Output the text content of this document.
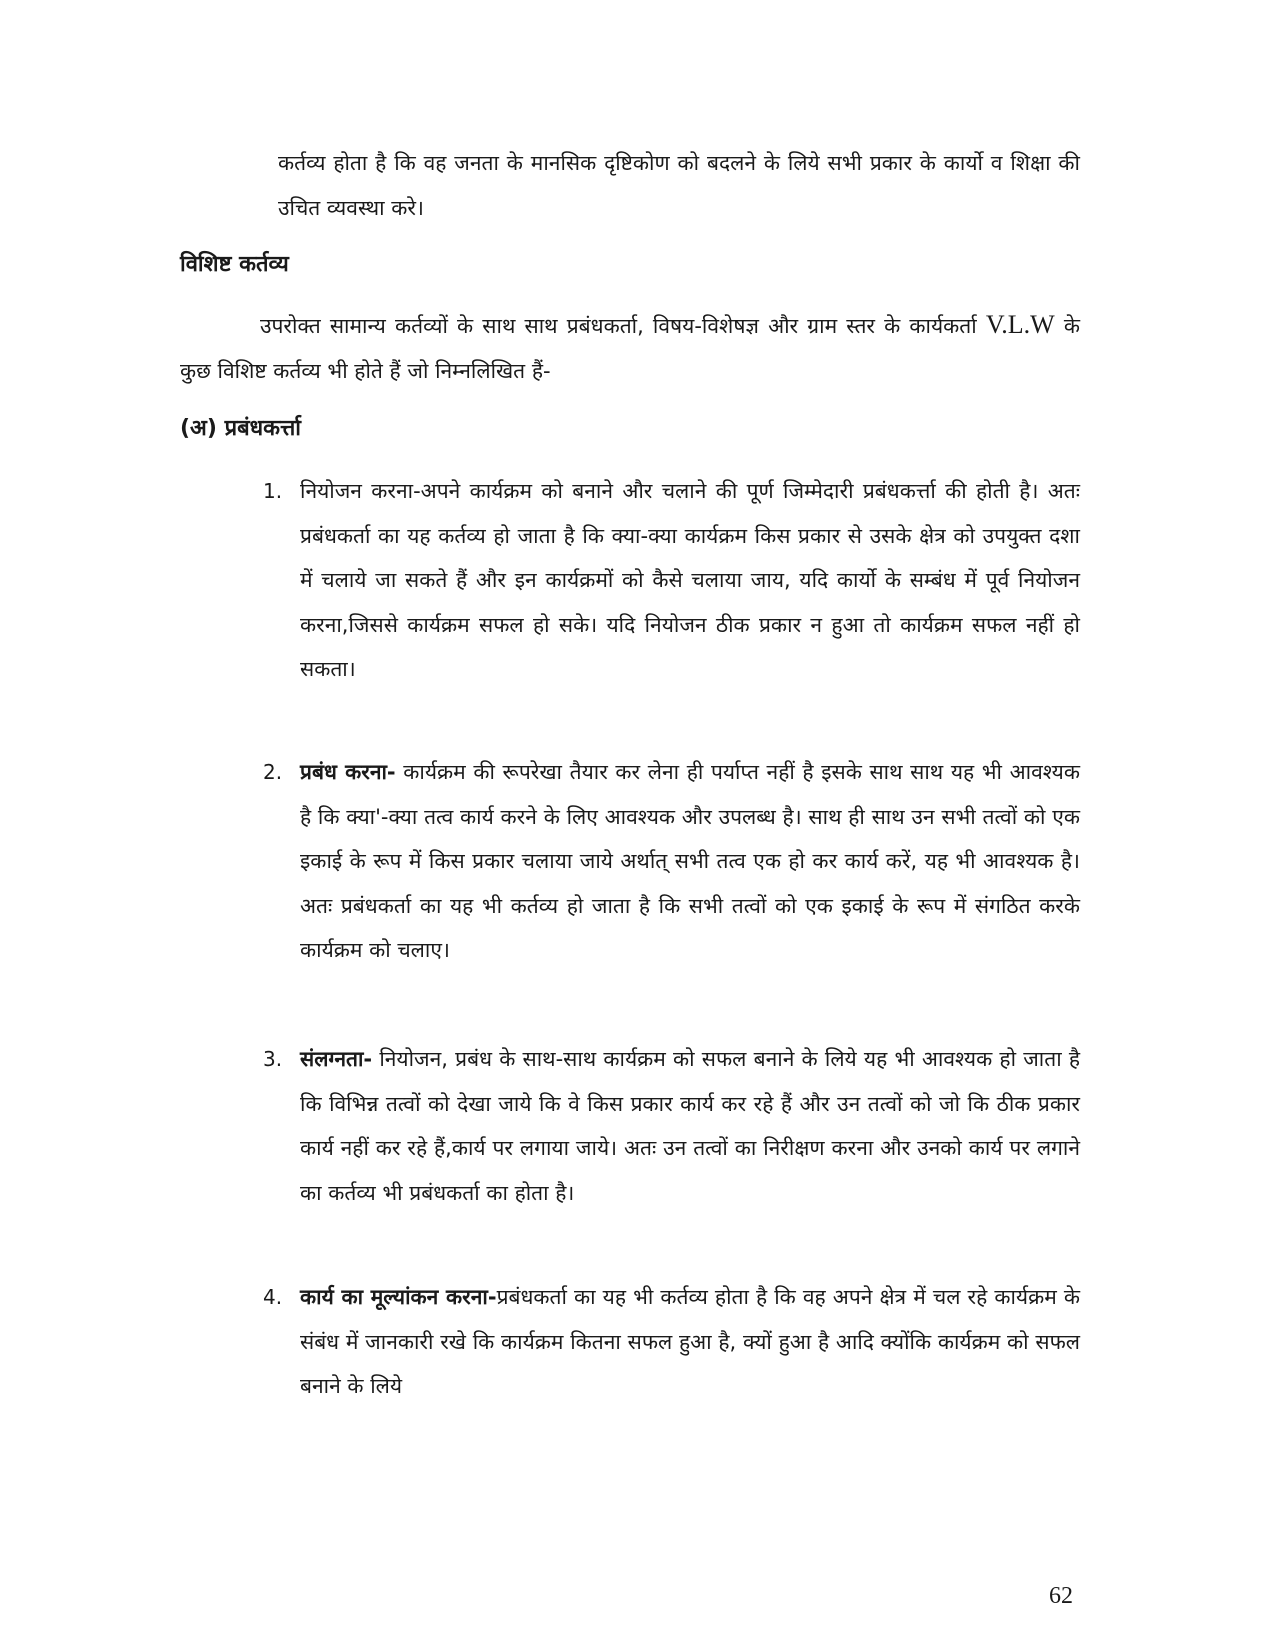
कर्तव्य होता है कि वह जनता के मानसिक दृष्टिकोण को बदलने के लिये सभी प्रकार के कार्यो व शिक्षा की उचित व्यवस्था करे।

विशिष्ट कर्तव्य

उपरोक्त सामान्य कर्तव्यों के साथ साथ प्रबंधकर्ता, विषय-विशेषज्ञ और ग्राम स्तर के कार्यकर्ता V.L.W के कुछ विशिष्ट कर्तव्य भी होते हैं जो निम्नलिखित हैं-

(अ) प्रबंधकर्त्ता
1. नियोजन करना-अपने कार्यक्रम को बनाने और चलाने की पूर्ण जिम्मेदारी प्रबंधकर्त्ता की होती है। अतः प्रबंधकर्ता का यह कर्तव्य हो जाता है कि क्या-क्या कार्यक्रम किस प्रकार से उसके क्षेत्र को उपयुक्त दशा में चलाये जा सकते हैं और इन कार्यक्रमों को कैसे चलाया जाय, यदि कार्यो के सम्बंध में पूर्व नियोजन करना,जिससे कार्यक्रम सफल हो सके। यदि नियोजन ठीक प्रकार न हुआ तो कार्यक्रम सफल नहीं हो सकता।

2. प्रबंध करना- कार्यक्रम की रूपरेखा तैयार कर लेना ही पर्याप्त नहीं है इसके साथ साथ यह भी आवश्यक है कि क्या'-क्या तत्व कार्य करने के लिए आवश्यक और उपलब्ध है। साथ ही साथ उन सभी तत्वों को एक इकाई के रूप में किस प्रकार चलाया जाये अर्थात् सभी तत्व एक हो कर कार्य करें, यह भी आवश्यक है। अतः प्रबंधकर्ता का यह भी कर्तव्य हो जाता है कि सभी तत्वों को एक इकाई के रूप में संगठित करके कार्यक्रम को चलाए।

3. संलग्नता- नियोजन, प्रबंध के साथ-साथ कार्यक्रम को सफल बनाने के लिये यह भी आवश्यक हो जाता है कि विभिन्न तत्वों को देखा जाये कि वे किस प्रकार कार्य कर रहे हैं और उन तत्वों को जो कि ठीक प्रकार कार्य नहीं कर रहे हैं,कार्य पर लगाया जाये। अतः उन तत्वों का निरीक्षण करना और उनको कार्य पर लगाने का कर्तव्य भी प्रबंधकर्ता का होता है।

4. कार्य का मूल्यांकन करना-प्रबंधकर्ता का यह भी कर्तव्य होता है कि वह अपने क्षेत्र में चल रहे कार्यक्रम के संबंध में जानकारी रखे कि कार्यक्रम कितना सफल हुआ है, क्यों हुआ है आदि क्योंकि कार्यक्रम को सफल बनाने के लिये

62
